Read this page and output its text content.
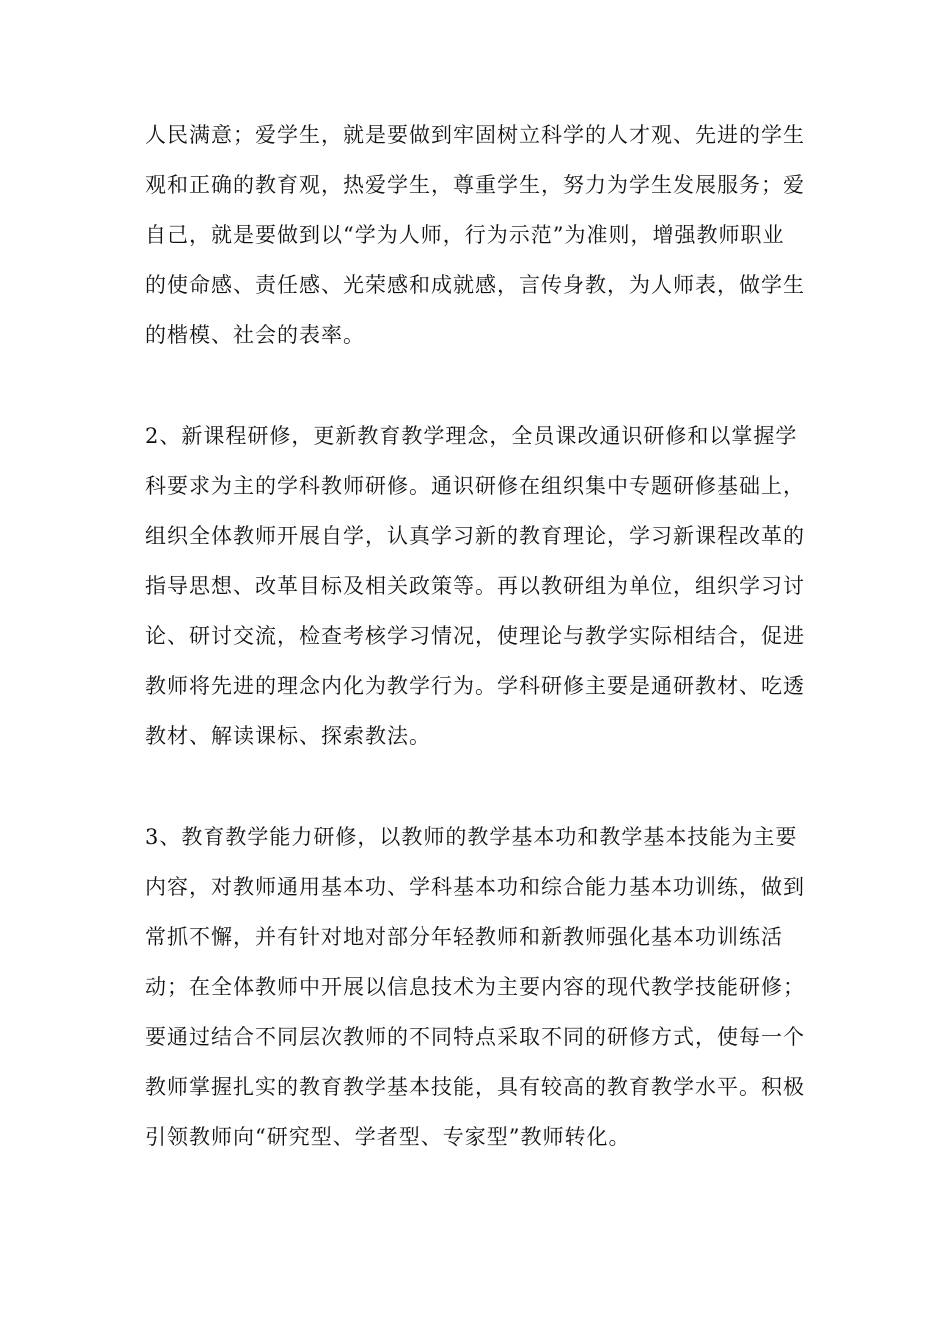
人民满意；爱学生，就是要做到牢固树立科学的人才观、先进的学生
观和正确的教育观，热爱学生，尊重学生，努力为学生发展服务；爱
自己，就是要做到以“学为人师，行为示范”为准则，增强教师职业
的使命感、责任感、光荣感和成就感，言传身教，为人师表，做学生
的楷模、社会的表率。
2、新课程研修，更新教育教学理念，全员课改通识研修和以掌握学
科要求为主的学科教师研修。通识研修在组织集中专题研修基础上，
组织全体教师开展自学，认真学习新的教育理论，学习新课程改革的
指导思想、改革目标及相关政策等。再以教研组为单位，组织学习讨
论、研讨交流，检查考核学习情况，使理论与教学实际相结合，促进
教师将先进的理念内化为教学行为。学科研修主要是通研教材、吃透
教材、解读课标、探索教法。
3、教育教学能力研修，以教师的教学基本功和教学基本技能为主要
内容，对教师通用基本功、学科基本功和综合能力基本功训练，做到
常抓不懈，并有针对地对部分年轻教师和新教师强化基本功训练活
动；在全体教师中开展以信息技术为主要内容的现代教学技能研修；
要通过结合不同层次教师的不同特点采取不同的研修方式，使每一个
教师掌握扎实的教育教学基本技能，具有较高的教育教学水平。积极
引领教师向“研究型、学者型、专家型”教师转化。
